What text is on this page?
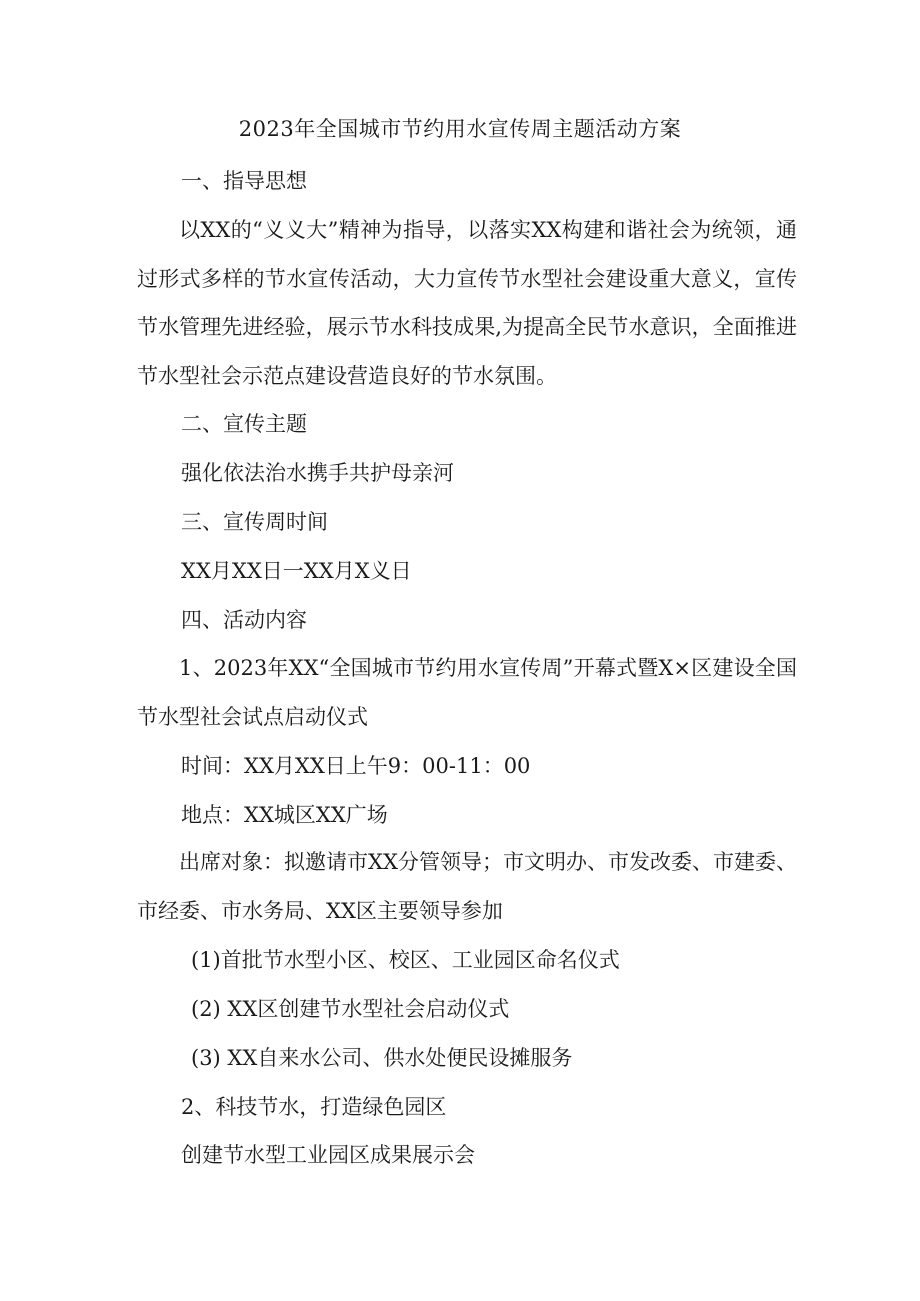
2023年全国城市节约用水宣传周主题活动方案

一、指导思想

以XX的“义义大”精神为指导，以落实XX构建和谐社会为统领，通过形式多样的节水宣传活动，大力宣传节水型社会建设重大意义，宣传节水管理先进经验，展示节水科技成果,为提高全民节水意识，全面推进节水型社会示范点建设营造良好的节水氛围。

二、宣传主题

强化依法治水携手共护母亲河

三、宣传周时间

XX月XX日一XX月X义日

四、活动内容

1、2023年XX“全国城市节约用水宣传周”开幕式暨X×区建设全国节水型社会试点启动仪式

时间：XX月XX日上午9：00-11：00

地点：XX城区XX广场

出席对象：拟邀请市XX分管领导；市文明办、市发改委、市建委、市经委、市水务局、XX区主要领导参加

(1)首批节水型小区、校区、工业园区命名仪式

(2) XX区创建节水型社会启动仪式

(3) XX自来水公司、供水处便民设摊服务

2、科技节水，打造绿色园区

创建节水型工业园区成果展示会
